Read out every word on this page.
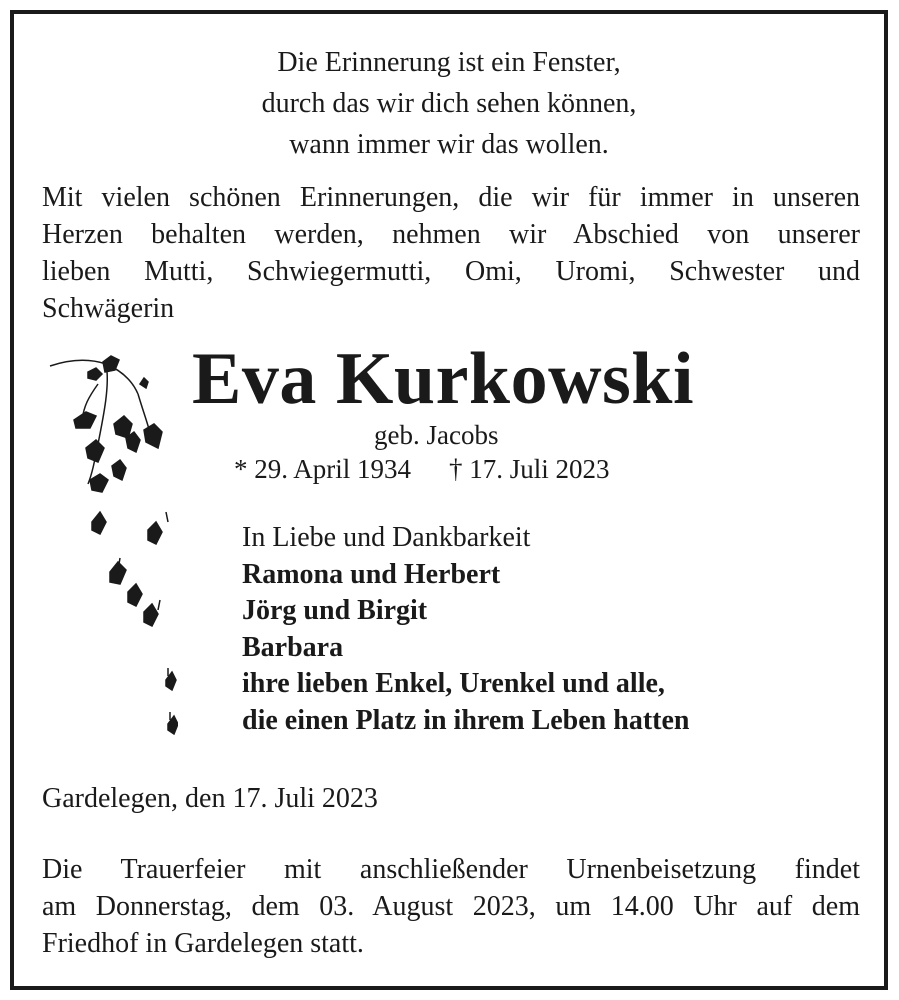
Die Erinnerung ist ein Fenster,
durch das wir dich sehen können,
wann immer wir das wollen.
Mit vielen schönen Erinnerungen, die wir für immer in unseren
Herzen behalten werden, nehmen wir Abschied von unserer
lieben Mutti, Schwiegermutti, Omi, Uromi, Schwester und
Schwägerin
Eva Kurkowski
geb. Jacobs
* 29. April 1934 † 17. Juli 2023
In Liebe und Dankbarkeit
Ramona und Herbert
Jörg und Birgit
Barbara
ihre lieben Enkel, Urenkel und alle,
die einen Platz in ihrem Leben hatten
Gardelegen, den 17. Juli 2023
Die Trauerfeier mit anschließender Urnenbeisetzung findet
am Donnerstag, dem 03. August 2023, um 14.00 Uhr auf dem
Friedhof in Gardelegen statt.
